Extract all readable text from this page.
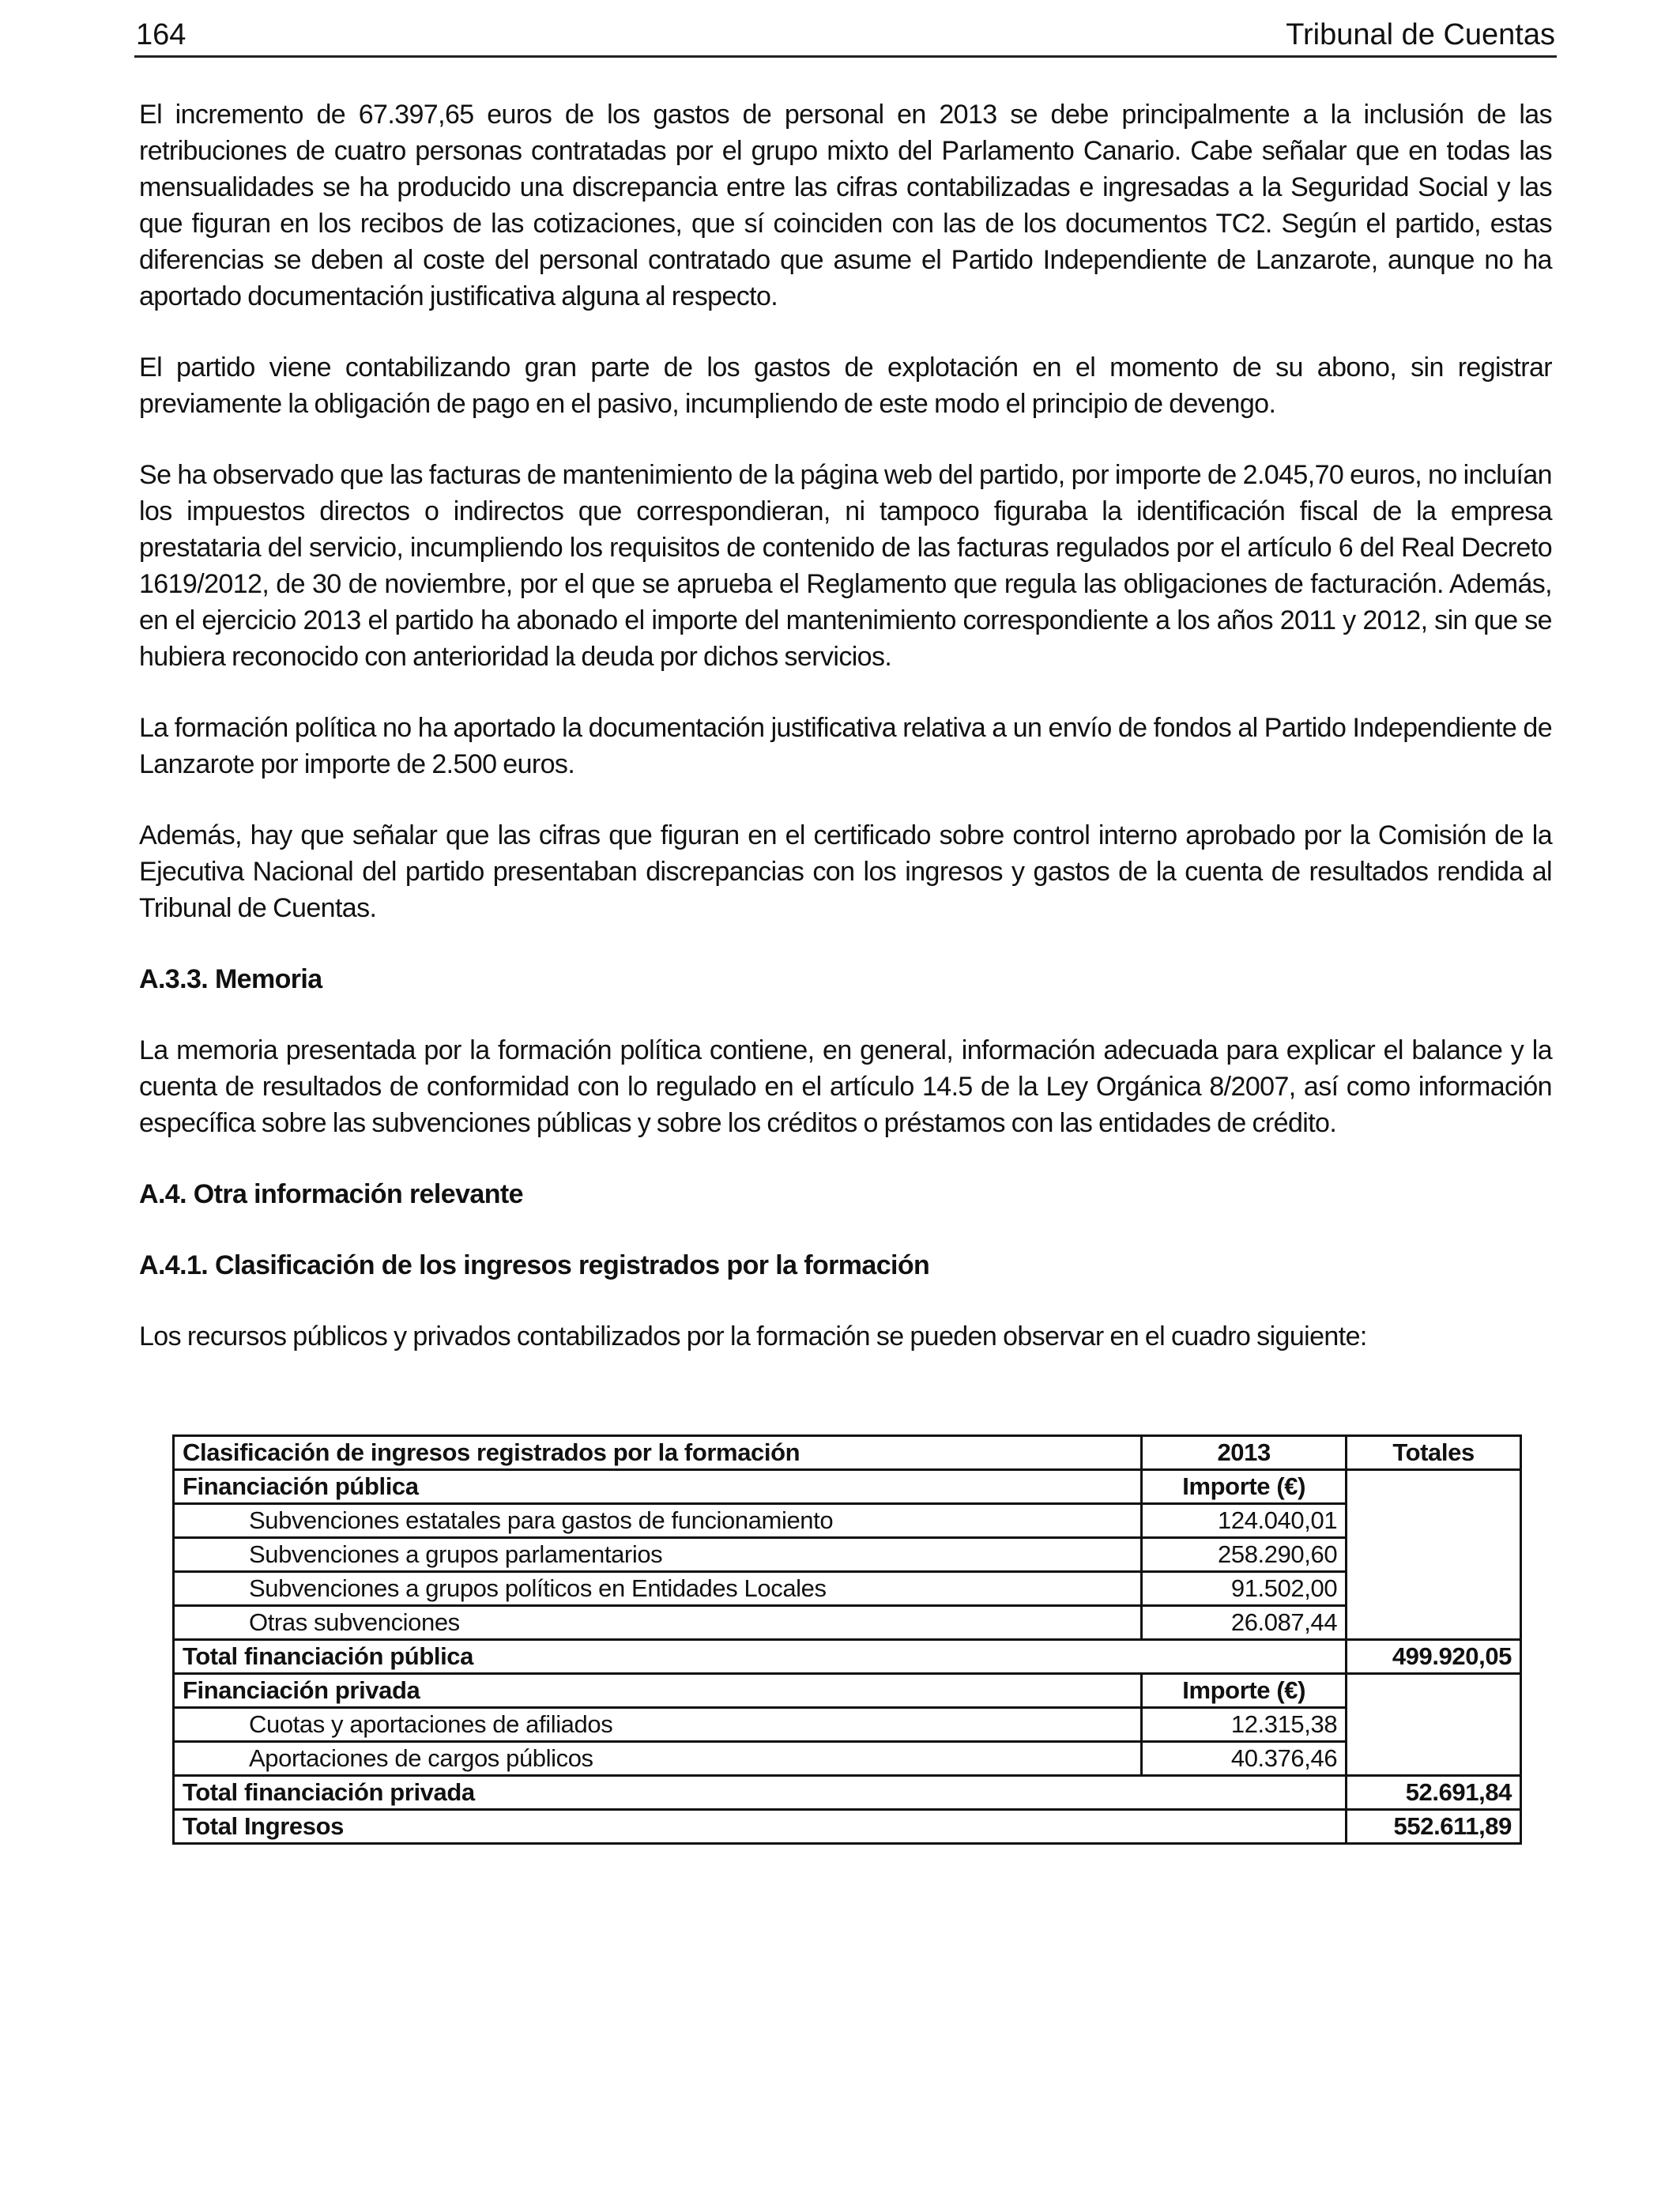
164	Tribunal de Cuentas

El incremento de 67.397,65 euros de los gastos de personal en 2013 se debe principalmente a la inclusión de las retribuciones de cuatro personas contratadas por el grupo mixto del Parlamento Canario. Cabe señalar que en todas las mensualidades se ha producido una discrepancia entre las cifras contabilizadas e ingresadas a la Seguridad Social y las que figuran en los recibos de las cotizaciones, que sí coinciden con las de los documentos TC2. Según el partido, estas diferencias se deben al coste del personal contratado que asume el Partido Independiente de Lanzarote, aunque no ha aportado documentación justificativa alguna al respecto.

El partido viene contabilizando gran parte de los gastos de explotación en el momento de su abono, sin registrar previamente la obligación de pago en el pasivo, incumpliendo de este modo el principio de devengo.

Se ha observado que las facturas de mantenimiento de la página web del partido, por importe de 2.045,70 euros, no incluían los impuestos directos o indirectos que correspondieran, ni tampoco figuraba la identificación fiscal de la empresa prestataria del servicio, incumpliendo los requisitos de contenido de las facturas regulados por el artículo 6 del Real Decreto 1619/2012, de 30 de noviembre, por el que se aprueba el Reglamento que regula las obligaciones de facturación. Además, en el ejercicio 2013 el partido ha abonado el importe del mantenimiento correspondiente a los años 2011 y 2012, sin que se hubiera reconocido con anterioridad la deuda por dichos servicios.

La formación política no ha aportado la documentación justificativa relativa a un envío de fondos al Partido Independiente de Lanzarote por importe de 2.500 euros.

Además, hay que señalar que las cifras que figuran en el certificado sobre control interno aprobado por la Comisión de la Ejecutiva Nacional del partido presentaban discrepancias con los ingresos y gastos de la cuenta de resultados rendida al Tribunal de Cuentas.

A.3.3. Memoria

La memoria presentada por la formación política contiene, en general, información adecuada para explicar el balance y la cuenta de resultados de conformidad con lo regulado en el artículo 14.5 de la Ley Orgánica 8/2007, así como información específica sobre las subvenciones públicas y sobre los créditos o préstamos con las entidades de crédito.

A.4. Otra información relevante
A.4.1. Clasificación de los ingresos registrados por la formación

Los recursos públicos y privados contabilizados por la formación se pueden observar en el cuadro siguiente:

Clasificación de ingresos registrados por la formación	2013	Totales
Financiación pública	Importe (€)	
Subvenciones estatales para gastos de funcionamiento	124.040,01	
Subvenciones a grupos parlamentarios	258.290,60	
Subvenciones a grupos políticos en Entidades Locales	91.502,00	
Otras subvenciones	26.087,44	
Total financiación pública		499.920,05
Financiación privada	Importe (€)	
Cuotas y aportaciones de afiliados	12.315,38	
Aportaciones de cargos públicos	40.376,46	
Total financiación privada		52.691,84
Total Ingresos		552.611,89
